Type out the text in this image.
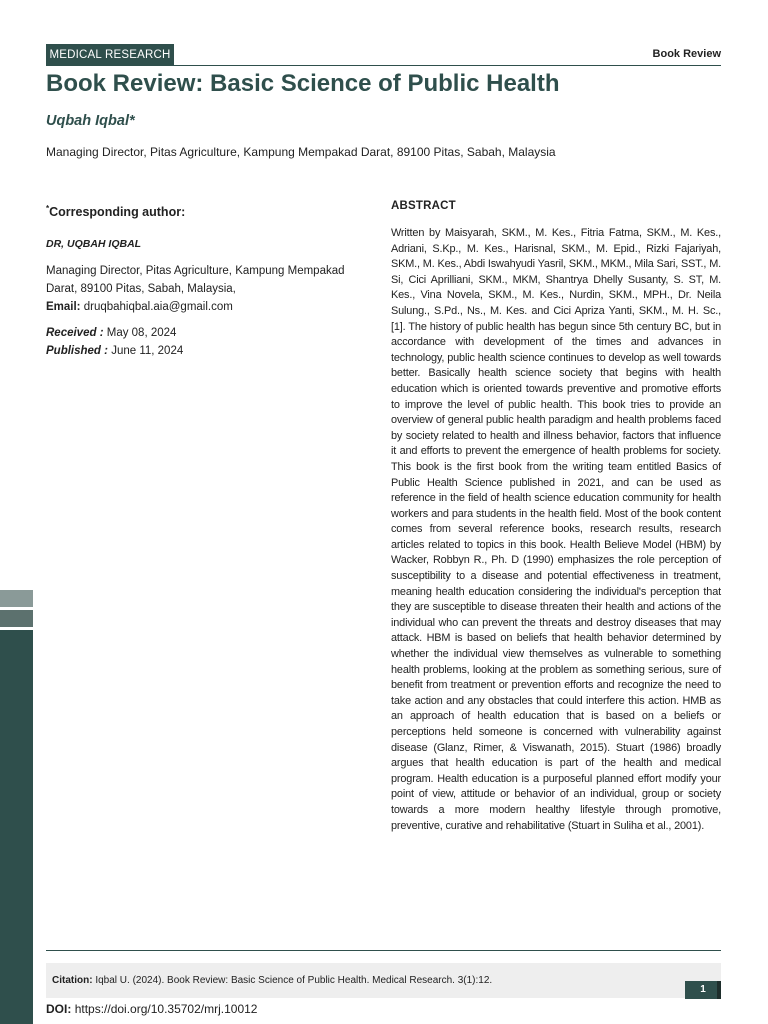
MEDICAL RESEARCH	Book Review
Book Review: Basic Science of Public Health
Uqbah Iqbal*
Managing Director, Pitas Agriculture, Kampung Mempakad Darat, 89100 Pitas, Sabah, Malaysia
*Corresponding author:
DR, UQBAH IQBAL
Managing Director, Pitas Agriculture, Kampung Mempakad
Darat, 89100 Pitas, Sabah, Malaysia,
Email: druqbahiqbal.aia@gmail.com
Received : May 08, 2024
Published : June 11, 2024
ABSTRACT

Written by Maisyarah, SKM., M. Kes., Fitria Fatma, SKM., M. Kes., Adriani, S.Kp., M. Kes., Harisnal, SKM., M. Epid., Rizki Fajariyah, SKM., M. Kes., Abdi Iswahyudi Yasril, SKM., MKM., Mila Sari, SST., M. Si, Cici Aprilliani, SKM., MKM, Shantrya Dhelly Susanty, S. ST, M. Kes., Vina Novela, SKM., M. Kes., Nurdin, SKM., MPH., Dr. Neila Sulung., S.Pd., Ns., M. Kes. and Cici Apriza Yanti, SKM., M. H. Sc., [1]. The history of public health has begun since 5th century BC, but in accordance with development of the times and advances in technology, public health science continues to develop as well towards better. Basically health science society that begins with health education which is oriented towards preventive and promotive efforts to improve the level of public health. This book tries to provide an overview of general public health paradigm and health problems faced by society related to health and illness behavior, factors that influence it and efforts to prevent the emergence of health problems for society. This book is the first book from the writing team entitled Basics of Public Health Science published in 2021, and can be used as reference in the field of health science education community for health workers and para students in the health field. Most of the book content comes from several reference books, research results, research articles related to topics in this book. Health Believe Model (HBM) by Wacker, Robbyn R., Ph. D (1990) emphasizes the role perception of susceptibility to a disease and potential effectiveness in treatment, meaning health education considering the individual's perception that they are susceptible to disease threaten their health and actions of the individual who can prevent the threats and destroy diseases that may attack. HBM is based on beliefs that health behavior determined by whether the individual view themselves as vulnerable to something health problems, looking at the problem as something serious, sure of benefit from treatment or prevention efforts and recognize the need to take action and any obstacles that could interfere this action. HMB as an approach of health education that is based on a beliefs or perceptions held someone is concerned with vulnerability against disease (Glanz, Rimer, & Viswanath, 2015). Stuart (1986) broadly argues that health education is part of the health and medical program. Health education is a purposeful planned effort modify your point of view, attitude or behavior of an individual, group or society towards a more modern healthy lifestyle through promotive, preventive, curative and rehabilitative (Stuart in Suliha et al., 2001).

Citation: Iqbal U. (2024). Book Review: Basic Science of Public Health. Medical Research. 3(1):12.
1
DOI: https://doi.org/10.35702/mrj.10012
